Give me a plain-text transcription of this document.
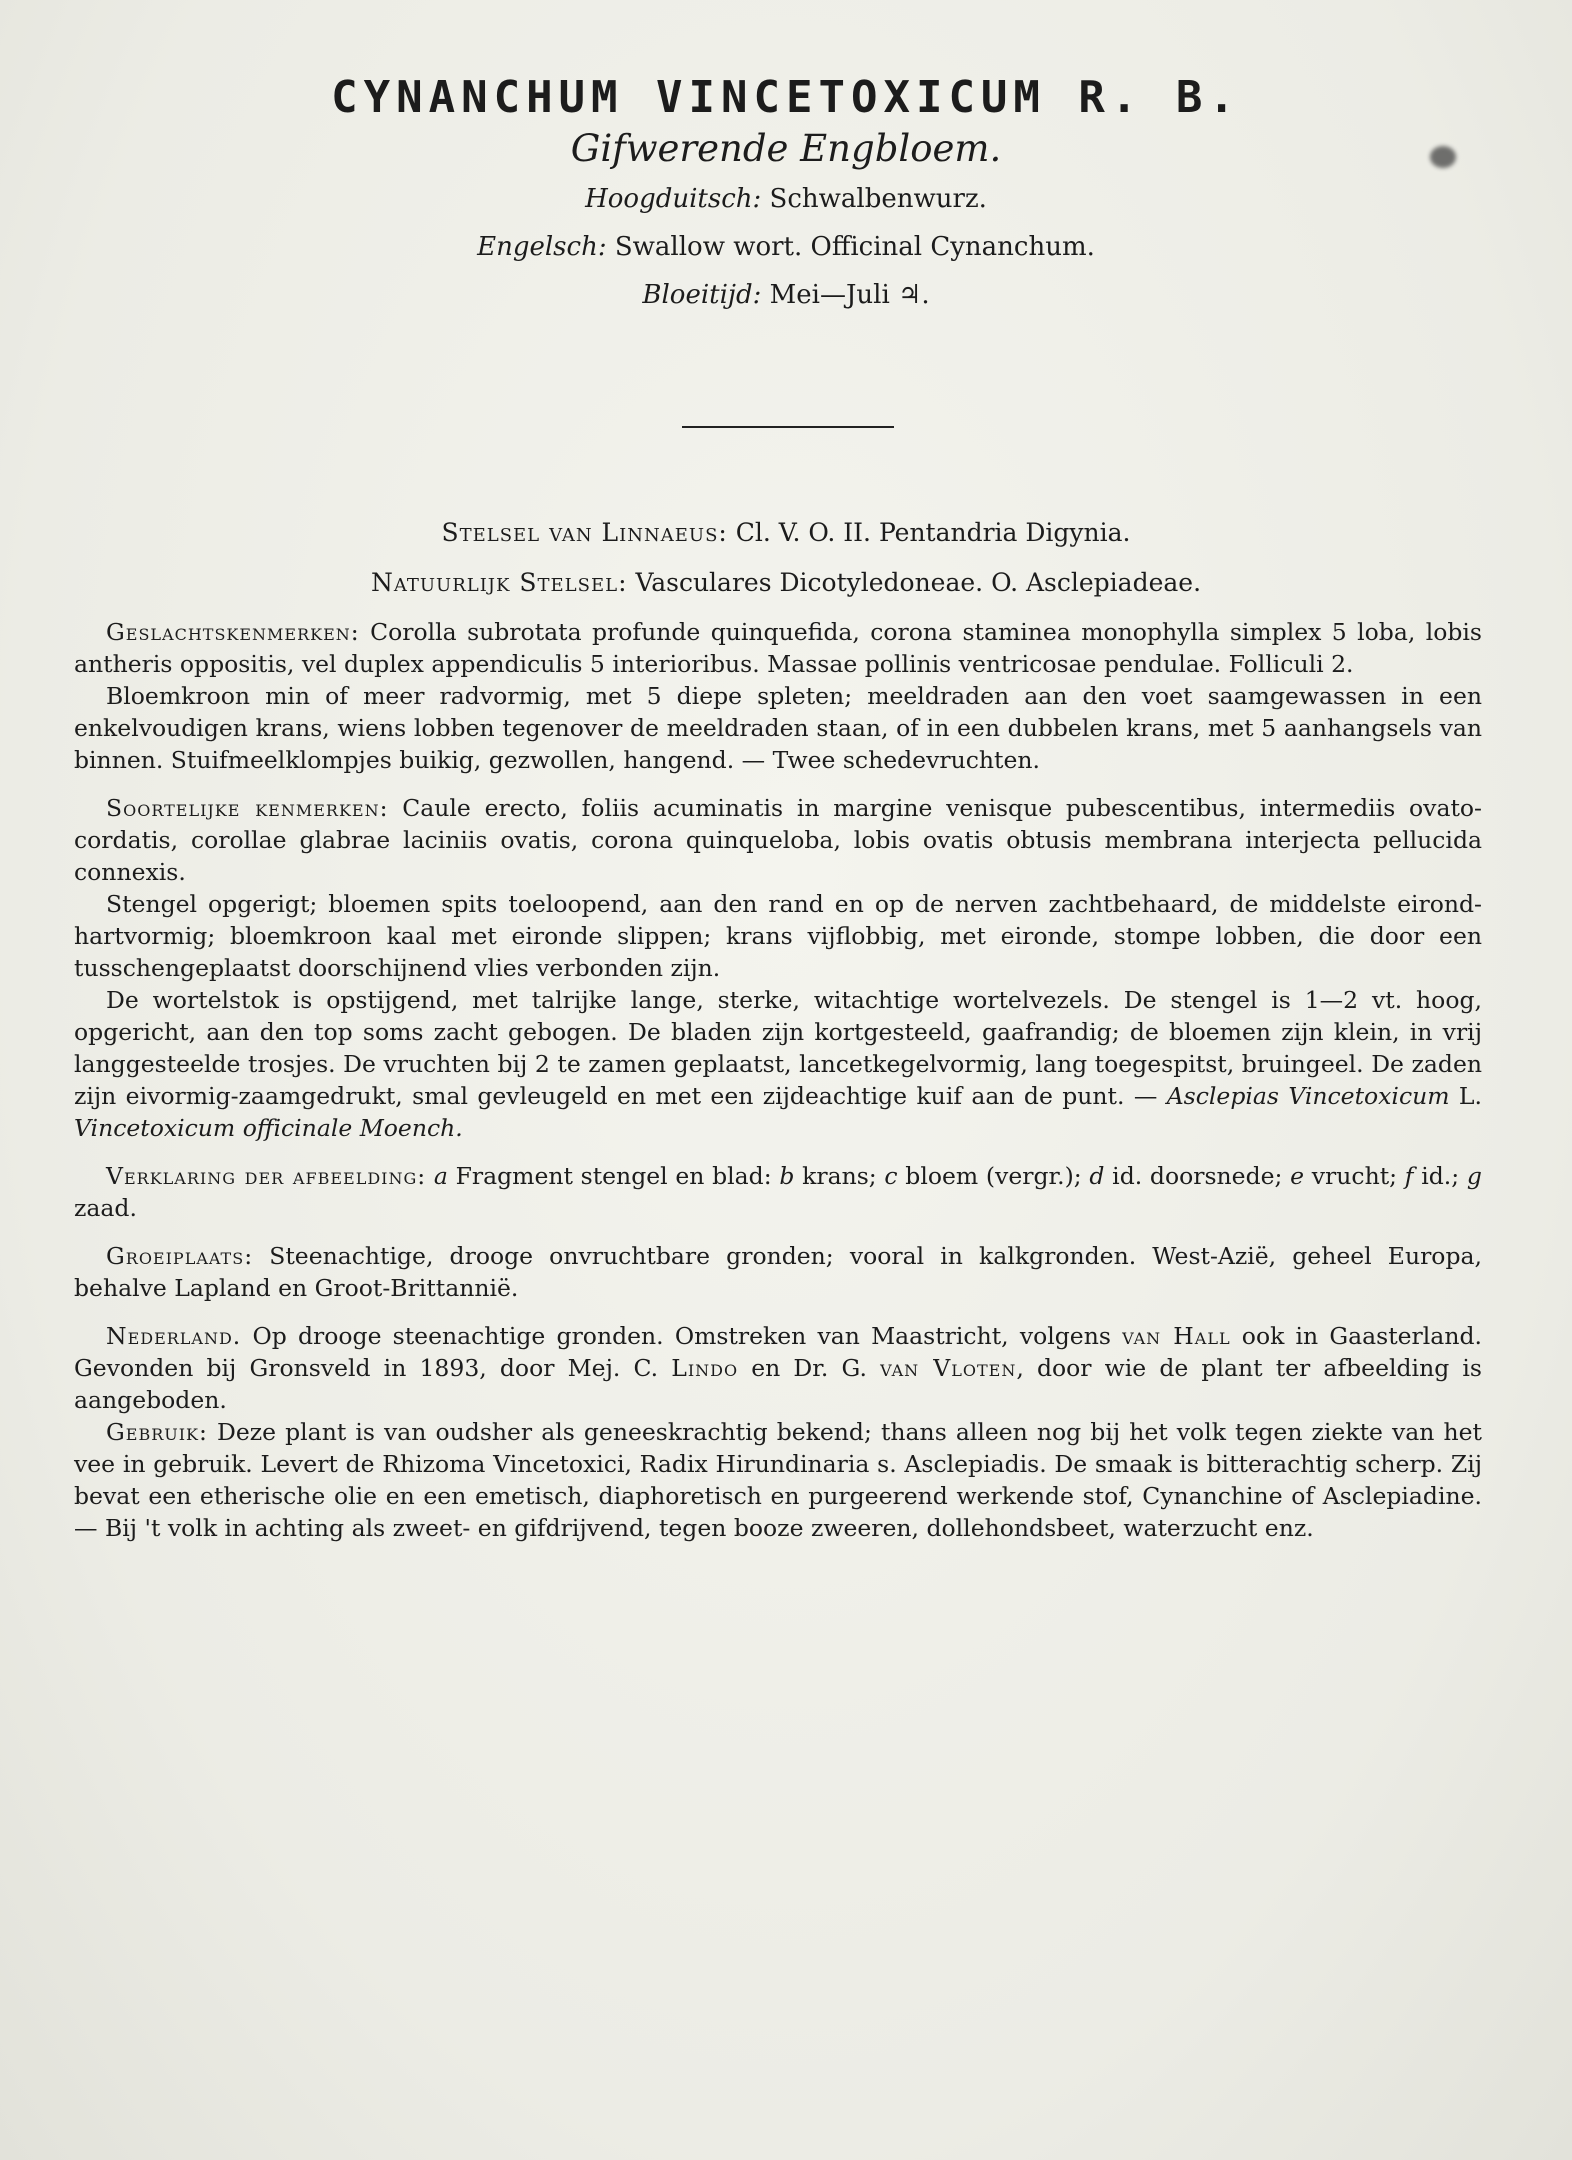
CYNANCHUM VINCETOXICUM R. B.
Gifwerende Engbloem.
Hoogduitsch: Schwalbenwurz.
Engelsch: Swallow wort. Officinal Cynanchum.
Bloeitijd: Mei—Juli ♃.
Stelsel van Linnaeus: Cl. V. O. II. Pentandria Digynia.
Natuurlijk Stelsel: Vasculares Dicotyledoneae. O. Asclepiadeae.

Geslachtskenmerken: Corolla subrotata profunde quinquefida, corona staminea monophylla simplex 5 loba, lobis antheris oppositis, vel duplex appendiculis 5 interioribus. Massae pollinis ventricosae pendulae. Folliculi 2.

Bloemkroon min of meer radvormig, met 5 diepe spleten; meeldraden aan den voet saamgewassen in een enkelvoudigen krans, wiens lobben tegenover de meeldraden staan, of in een dubbelen krans, met 5 aanhangsels van binnen. Stuifmeelklompjes buikig, gezwollen, hangend. — Twee schedevruchten.

Soortelijke kenmerken: Caule erecto, foliis acuminatis in margine venisque pubescentibus, intermediis ovato-cordatis, corollae glabrae laciniis ovatis, corona quinqueloba, lobis ovatis obtusis membrana interjecta pellucida connexis.

Stengel opgerigt; bloemen spits toeloopend, aan den rand en op de nerven zachtbehaard, de middelste eirond-hartvormig; bloemkroon kaal met eironde slippen; krans vijflobbig, met eironde, stompe lobben, die door een tusschengeplaatst doorschijnend vlies verbonden zijn.

De wortelstok is opstijgend, met talrijke lange, sterke, witachtige wortelvezels. De stengel is 1—2 vt. hoog, opgericht, aan den top soms zacht gebogen. De bladen zijn kortgesteeld, gaafrandig; de bloemen zijn klein, in vrij langgesteelde trosjes. De vruchten bij 2 te zamen geplaatst, lancetkegelvormig, lang toegespitst, bruingeel. De zaden zijn eivormig-zaamgedrukt, smal gevleugeld en met een zijdeachtige kuif aan de punt. — Asclepias Vincetoxicum L. Vincetoxicum officinale Moench.

Verklaring der afbeelding: a Fragment stengel en blad: b krans; c bloem (vergr.); d id. doorsnede; e vrucht; f id.; g zaad.

Groeiplaats: Steenachtige, drooge onvruchtbare gronden; vooral in kalkgronden. West-Azië, geheel Europa, behalve Lapland en Groot-Brittannië.

Nederland. Op drooge steenachtige gronden. Omstreken van Maastricht, volgens van Hall ook in Gaasterland. Gevonden bij Gronsveld in 1893, door Mej. C. Lindo en Dr. G. van Vloten, door wie de plant ter afbeelding is aangeboden.

Gebruik: Deze plant is van oudsher als geneeskrachtig bekend; thans alleen nog bij het volk tegen ziekte van het vee in gebruik. Levert de Rhizoma Vincetoxici, Radix Hirundinaria s. Asclepiadis. De smaak is bitterachtig scherp. Zij bevat een etherische olie en een emetisch, diaphoretisch en purgeerend werkende stof, Cynanchine of Asclepiadine. — Bij 't volk in achting als zweet- en gifdrijvend, tegen booze zweeren, dollehondsbeet, waterzucht enz.
